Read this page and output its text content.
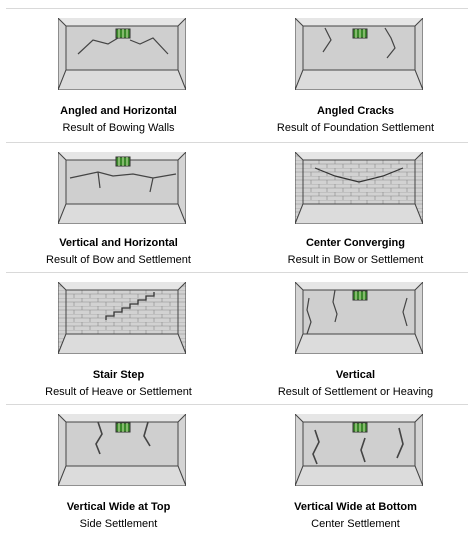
Angled and Horizontal
Result of Bowing Walls
Angled Cracks
Result of Foundation Settlement
Vertical and Horizontal
Result of Bow and Settlement
Center Converging
Result in Bow or Settlement
Stair Step
Result of Heave or Settlement
Vertical
Result of Settlement or Heaving
Vertical Wide at Top
Side Settlement
Vertical Wide at Bottom
Center Settlement
